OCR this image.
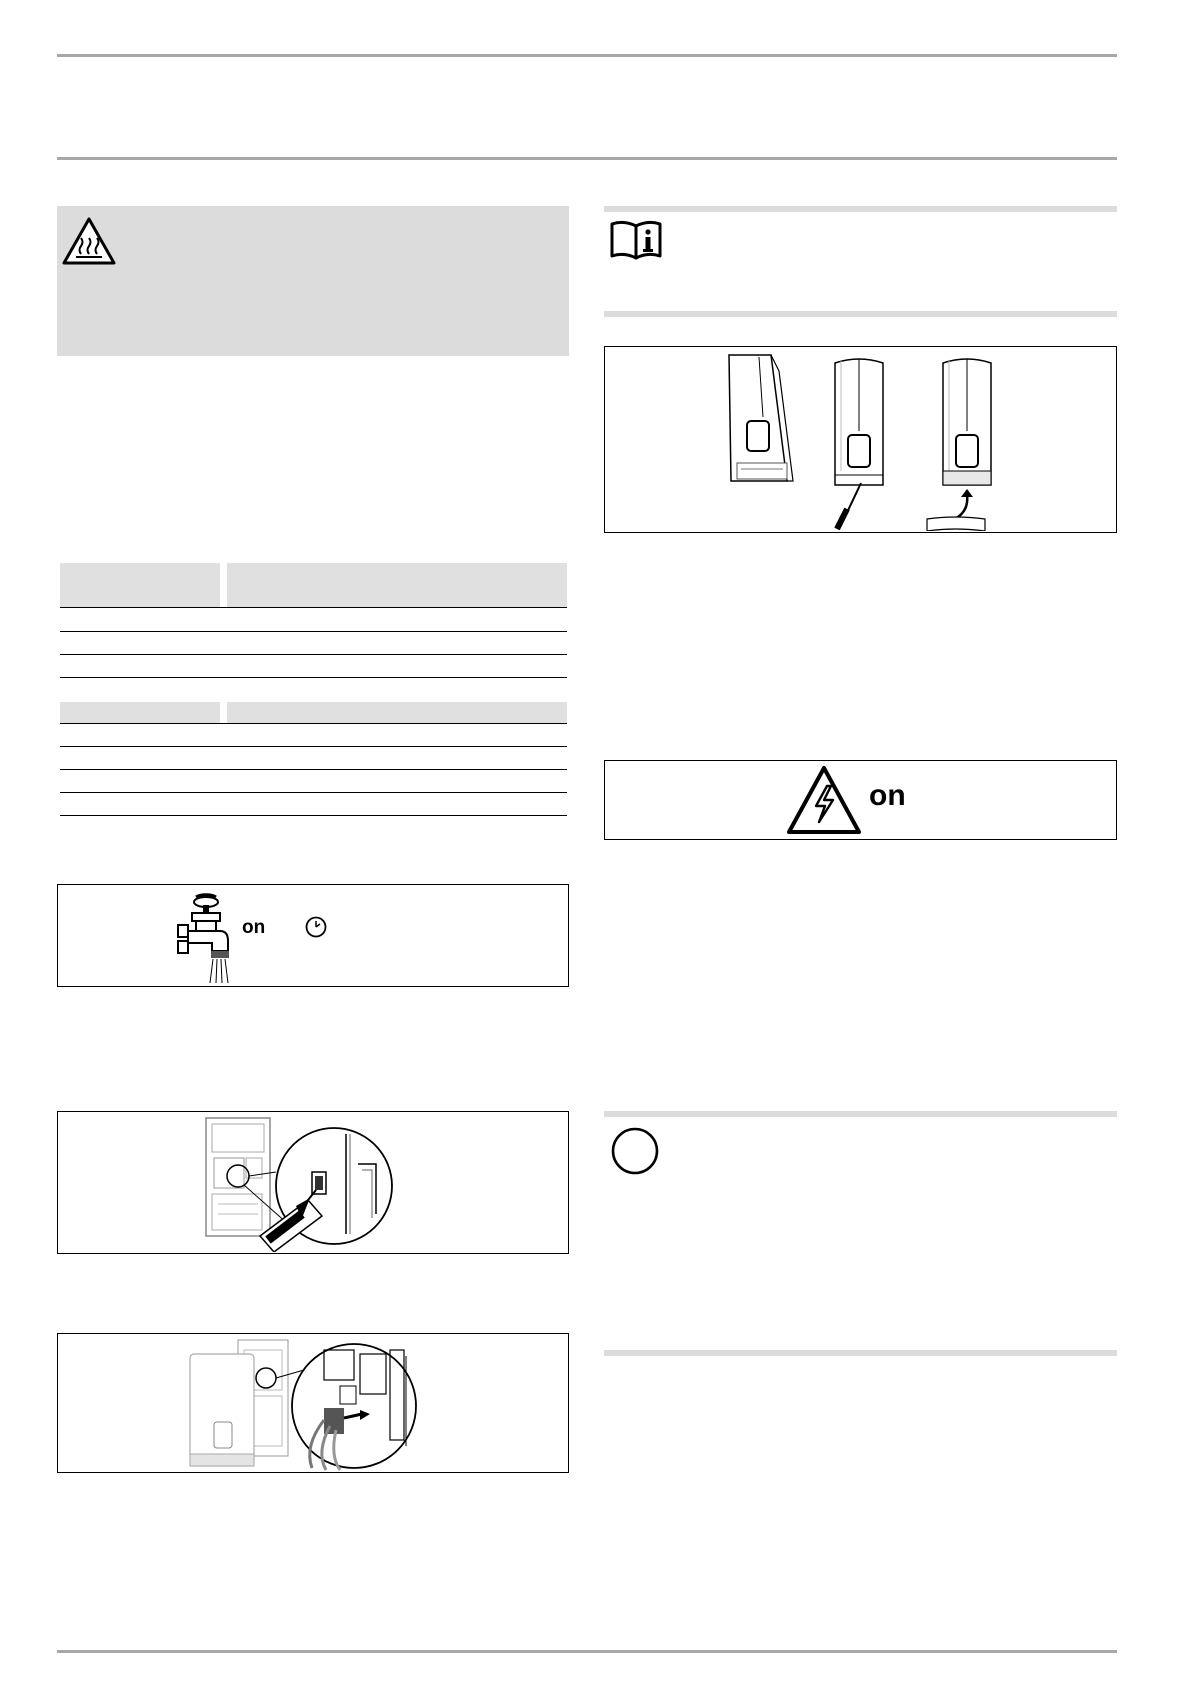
on
on
